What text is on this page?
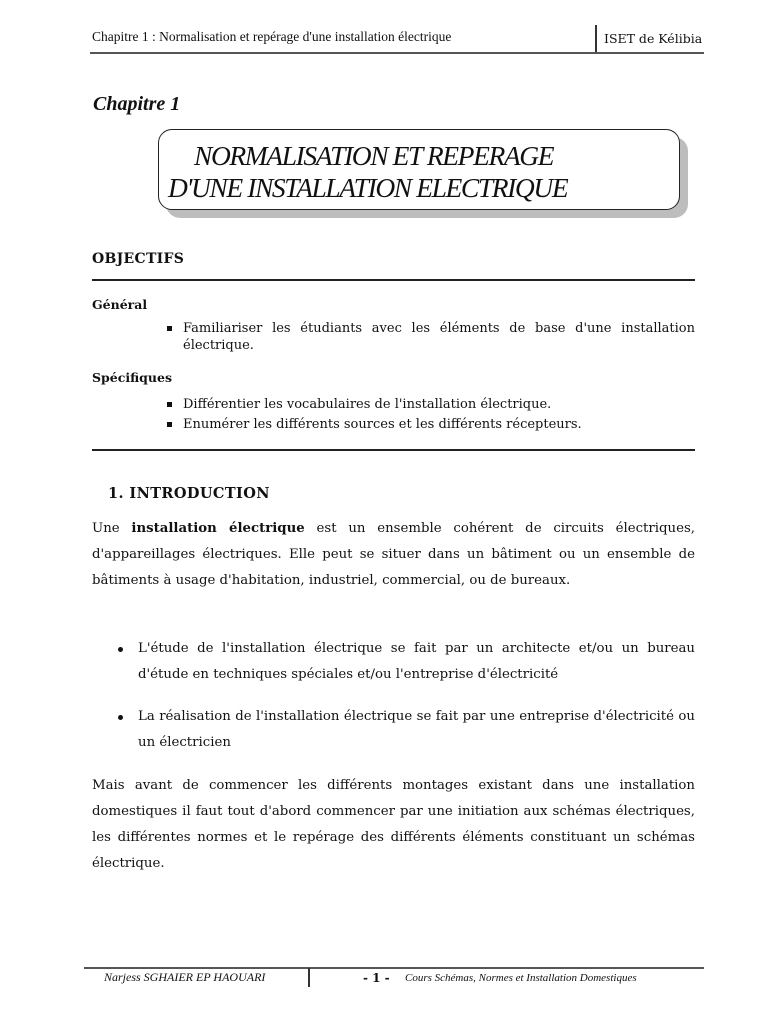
Chapitre 1 : Normalisation et repérage d'une installation électrique	ISET de Kélibia
Chapitre 1
NORMALISATION ET REPERAGE
D'UNE INSTALLATION ELECTRIQUE
OBJECTIFS
Général
Familiariser les étudiants avec les éléments de base d'une installation électrique.
Spécifiques
Différentier les vocabulaires de l'installation électrique.
Enumérer les différents sources et les différents récepteurs.
1. INTRODUCTION

Une installation électrique est un ensemble cohérent de circuits électriques, d'appareillages électriques. Elle peut se situer dans un bâtiment ou un ensemble de bâtiments à usage d'habitation, industriel, commercial, ou de bureaux.

L'étude de l'installation électrique se fait par un architecte et/ou un bureau d'étude en techniques spéciales et/ou l'entreprise d'électricité
La réalisation de l'installation électrique se fait par une entreprise d'électricité ou un électricien

Mais avant de commencer les différents montages existant dans une installation domestiques il faut tout d'abord commencer par une initiation aux schémas électriques, les différentes normes et le repérage des différents éléments constituant un schémas électrique.

Narjess SGHAIER EP HAOUARI	- 1 - Cours Schémas, Normes et Installation Domestiques
